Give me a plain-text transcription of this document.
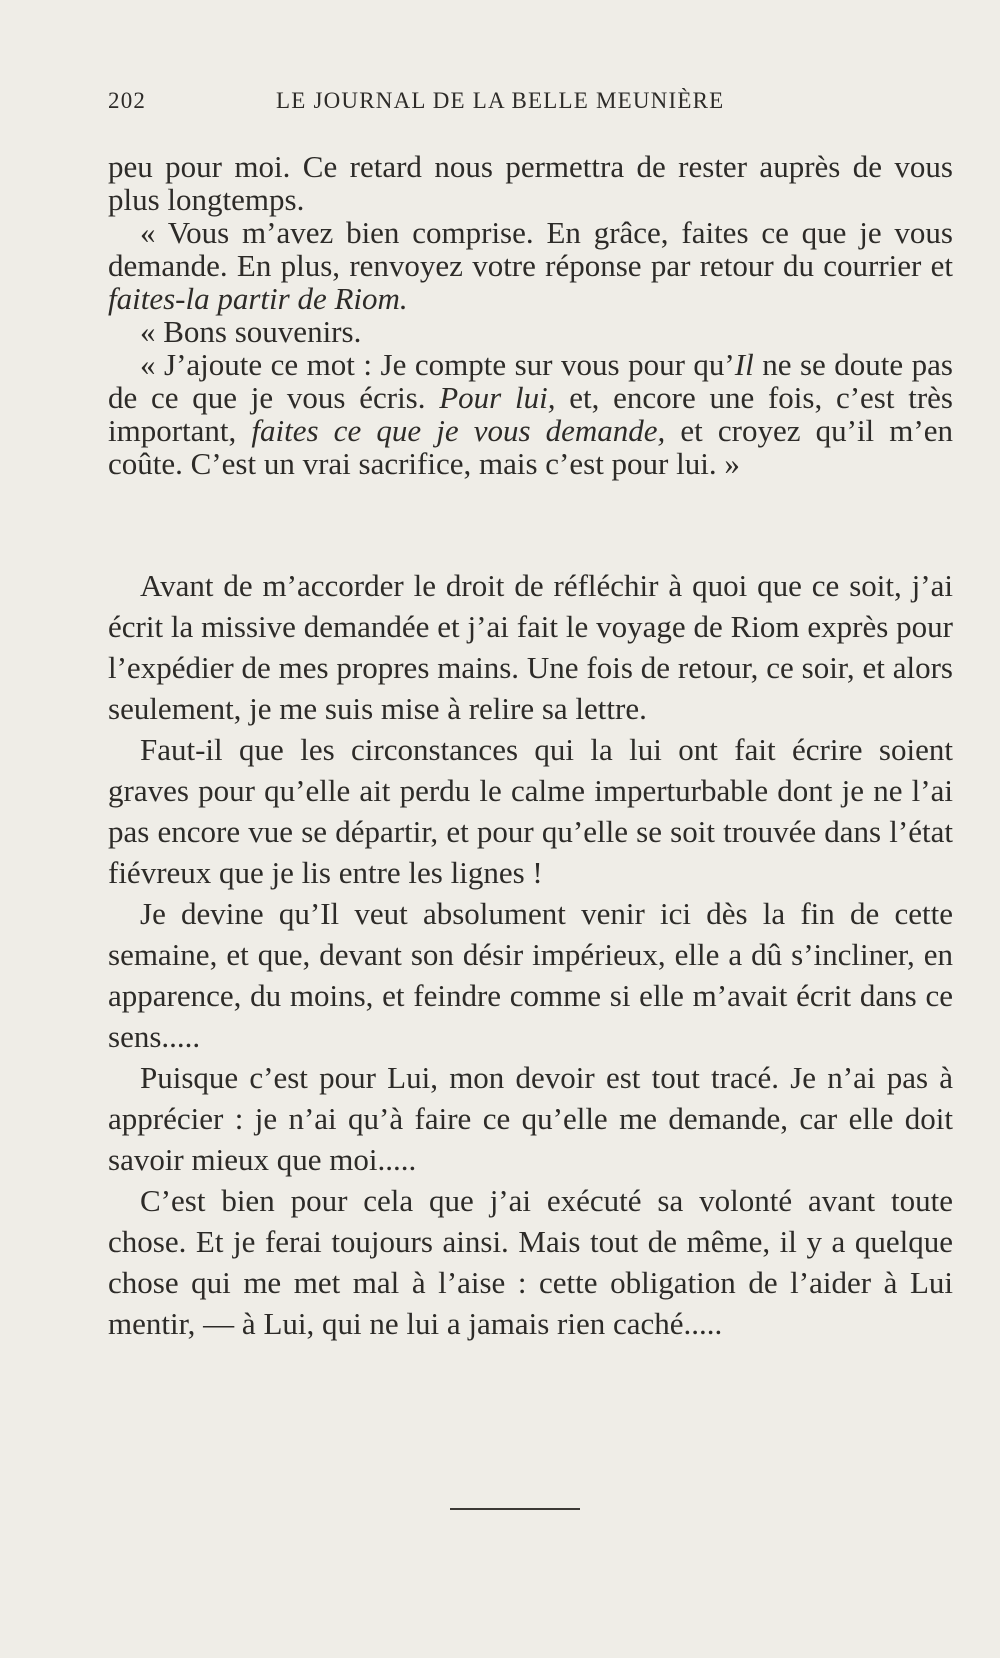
202	LE JOURNAL DE LA BELLE MEUNIÈRE

peu pour moi. Ce retard nous permettra de rester auprès de vous plus longtemps.

« Vous m’avez bien comprise. En grâce, faites ce que je vous demande. En plus, renvoyez votre réponse par retour du courrier et faites-la partir de Riom.

« Bons souvenirs.

« J’ajoute ce mot : Je compte sur vous pour qu’Il ne se doute pas de ce que je vous écris. Pour lui, et, encore une fois, c’est très important, faites ce que je vous demande, et croyez qu’il m’en coûte. C’est un vrai sacrifice, mais c’est pour lui. »

Avant de m’accorder le droit de réfléchir à quoi que ce soit, j’ai écrit la missive demandée et j’ai fait le voyage de Riom exprès pour l’expédier de mes propres mains. Une fois de retour, ce soir, et alors seulement, je me suis mise à relire sa lettre.

Faut-il que les circonstances qui la lui ont fait écrire soient graves pour qu’elle ait perdu le calme imperturbable dont je ne l’ai pas encore vue se départir, et pour qu’elle se soit trouvée dans l’état fiévreux que je lis entre les lignes !

Je devine qu’Il veut absolument venir ici dès la fin de cette semaine, et que, devant son désir impérieux, elle a dû s’incliner, en apparence, du moins, et feindre comme si elle m’avait écrit dans ce sens.....

Puisque c’est pour Lui, mon devoir est tout tracé. Je n’ai pas à apprécier : je n’ai qu’à faire ce qu’elle me demande, car elle doit savoir mieux que moi.....

C’est bien pour cela que j’ai exécuté sa volonté avant toute chose. Et je ferai toujours ainsi. Mais tout de même, il y a quelque chose qui me met mal à l’aise : cette obligation de l’aider à Lui mentir, — à Lui, qui ne lui a jamais rien caché.....
